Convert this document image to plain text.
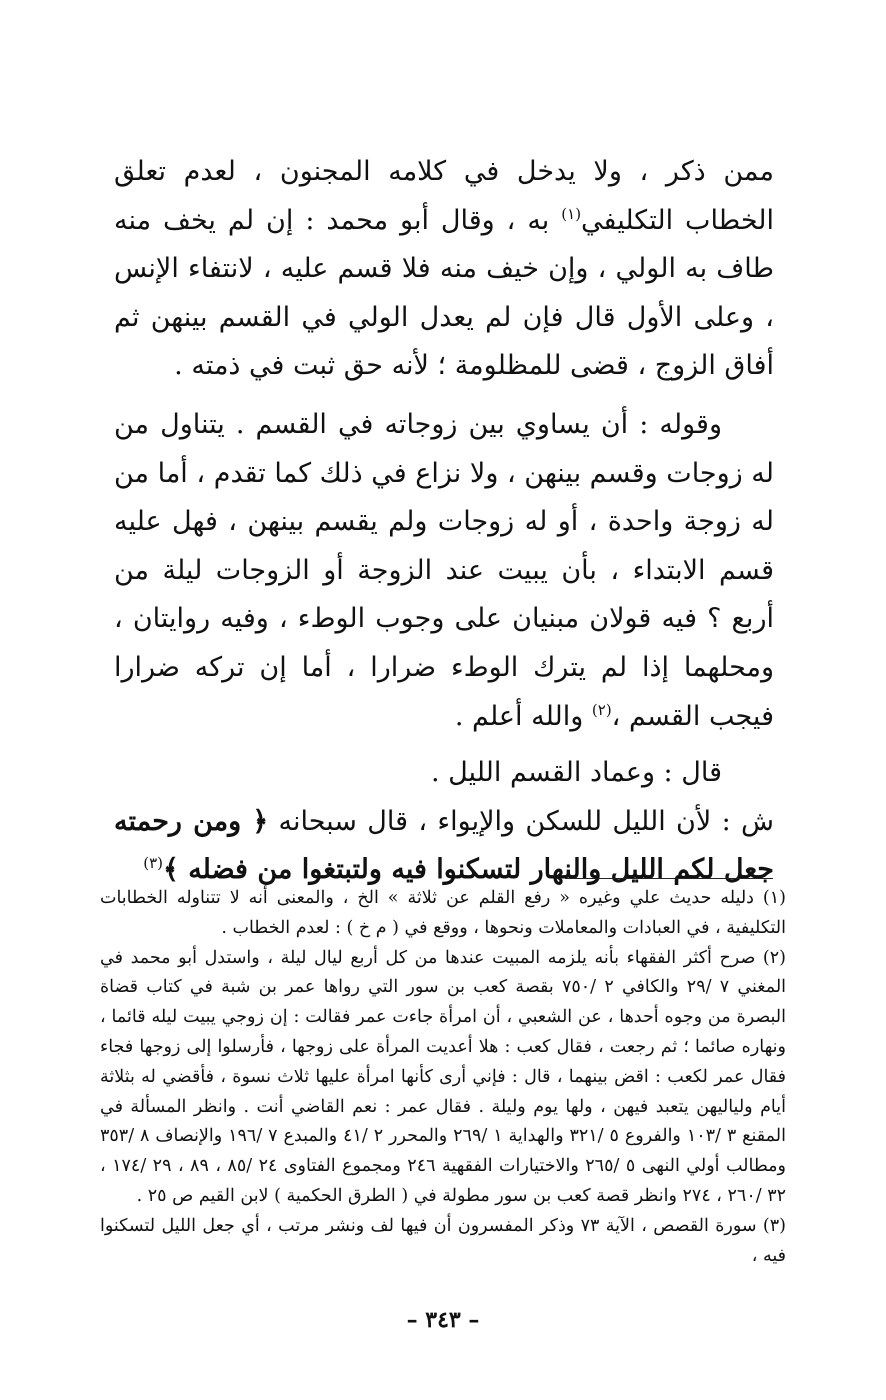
ممن ذكر ، ولا يدخل في كلامه المجنون ، لعدم تعلق الخطاب التكليفي$^{(١)}$ به ، وقال أبو محمد : إن لم يخف منه طاف به الولي ، وإن خيف منه فلا قسم عليه ، لانتفاء الإنس ، وعلى الأول قال فإن لم يعدل الولي في القسم بينهن ثم أفاق الزوج ، قضى للمظلومة ؛ لأنه حق ثبت في ذمته .

وقوله : أن يساوي بين زوجاته في القسم . يتناول من له زوجات وقسم بينهن ، ولا نزاع في ذلك كما تقدم ، أما من له زوجة واحدة ، أو له زوجات ولم يقسم بينهن ، فهل عليه قسم الابتداء ، بأن يبيت عند الزوجة أو الزوجات ليلة من أربع ؟ فيه قولان مبنيان على وجوب الوطء ، وفيه روايتان ، ومحلهما إذا لم يترك الوطء ضرارا ، أما إن تركه ضرارا فيجب القسم ،$^{(٢)}$ والله أعلم .

قال : وعماد القسم الليل .

ش : لأن الليل للسكن والإيواء ، قال سبحانه ﴿ ومن رحمته جعل لكم الليل والنهار لتسكنوا فيه ولتبتغوا من فضله ﴾$^{(٣)}$

(١) دليله حديث علي وغيره « رفع القلم عن ثلاثة » الخ ، والمعنى أنه لا تتناوله الخطابات التكليفية ، في العبادات والمعاملات ونحوها ، ووقع في ( م خ ) : لعدم الخطاب .

(٢) صرح أكثر الفقهاء بأنه يلزمه المبيت عندها من كل أربع ليال ليلة ، واستدل أبو محمد في المغني ٧ /٢٩ والكافي ٢ /٧٥٠ بقصة كعب بن سور التي رواها عمر بن شبة في كتاب قضاة البصرة من وجوه أحدها ، عن الشعبي ، أن امرأة جاءت عمر فقالت : إن زوجي يبيت ليله قائما ، ونهاره صائما ؛ ثم رجعت ، فقال كعب : هلا أعديت المرأة على زوجها ، فأرسلوا إلى زوجها فجاء فقال عمر لكعب : اقض بينهما ، قال : فإني أرى كأنها امرأة عليها ثلاث نسوة ، فأقضي له بثلاثة أيام ولياليهن يتعبد فيهن ، ولها يوم وليلة . فقال عمر : نعم القاضي أنت . وانظر المسألة في المقنع ٣ /١٠٣ والفروع ٥ /٣٢١ والهداية ١ /٢٦٩ والمحرر ٢ /٤١ والمبدع ٧ /١٩٦ والإنصاف ٨ /٣٥٣ ومطالب أولي النهى ٥ /٢٦٥ والاختيارات الفقهية ٢٤٦ ومجموع الفتاوى ٢٤ /٨٥ ، ٨٩ ، ٢٩ /١٧٤ ، ٣٢ /٢٦٠ ، ٢٧٤ وانظر قصة كعب بن سور مطولة في ( الطرق الحكمية ) لابن القيم ص ٢٥ .

(٣) سورة القصص ، الآية ٧٣ وذكر المفسرون أن فيها لف ونشر مرتب ، أي جعل الليل لتسكنوا فيه ،

– ٣٤٣ –
